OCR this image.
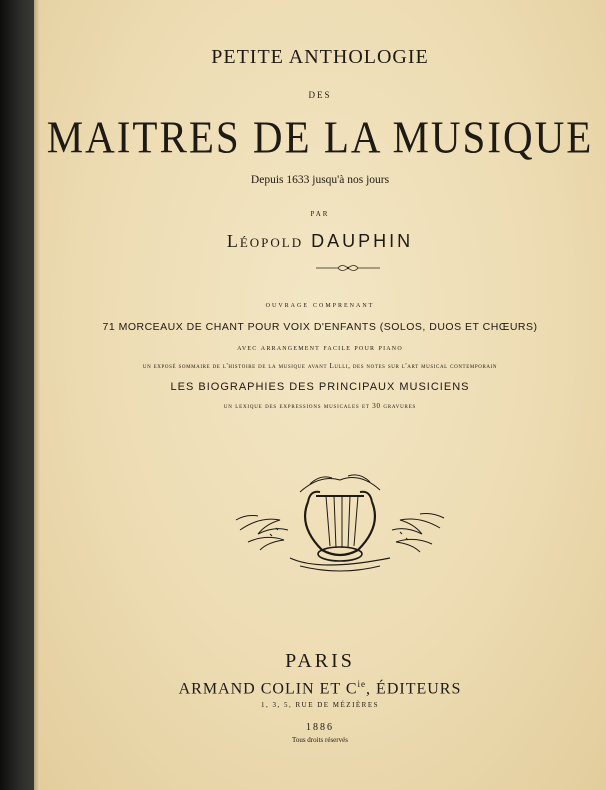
PETITE ANTHOLOGIE
DES
MAITRES DE LA MUSIQUE
Depuis 1633 jusqu'à nos jours
PAR
Léopold DAUPHIN
ouvrage comprenant
71 MORCEAUX DE CHANT POUR VOIX D'ENFANTS (SOLOS, DUOS ET CHŒURS)
avec arrangement facile pour piano
un exposé sommaire de l'histoire de la musique avant Lulli, des notes sur l'art musical contemporain
LES BIOGRAPHIES DES PRINCIPAUX MUSICIENS
un lexique des expressions musicales et 30 gravures
PARIS
ARMAND COLIN ET $C^{ie}$, ÉDITEURS
1, 3, 5, RUE DE MÉZIÈRES
1886
Tous droits réservés
